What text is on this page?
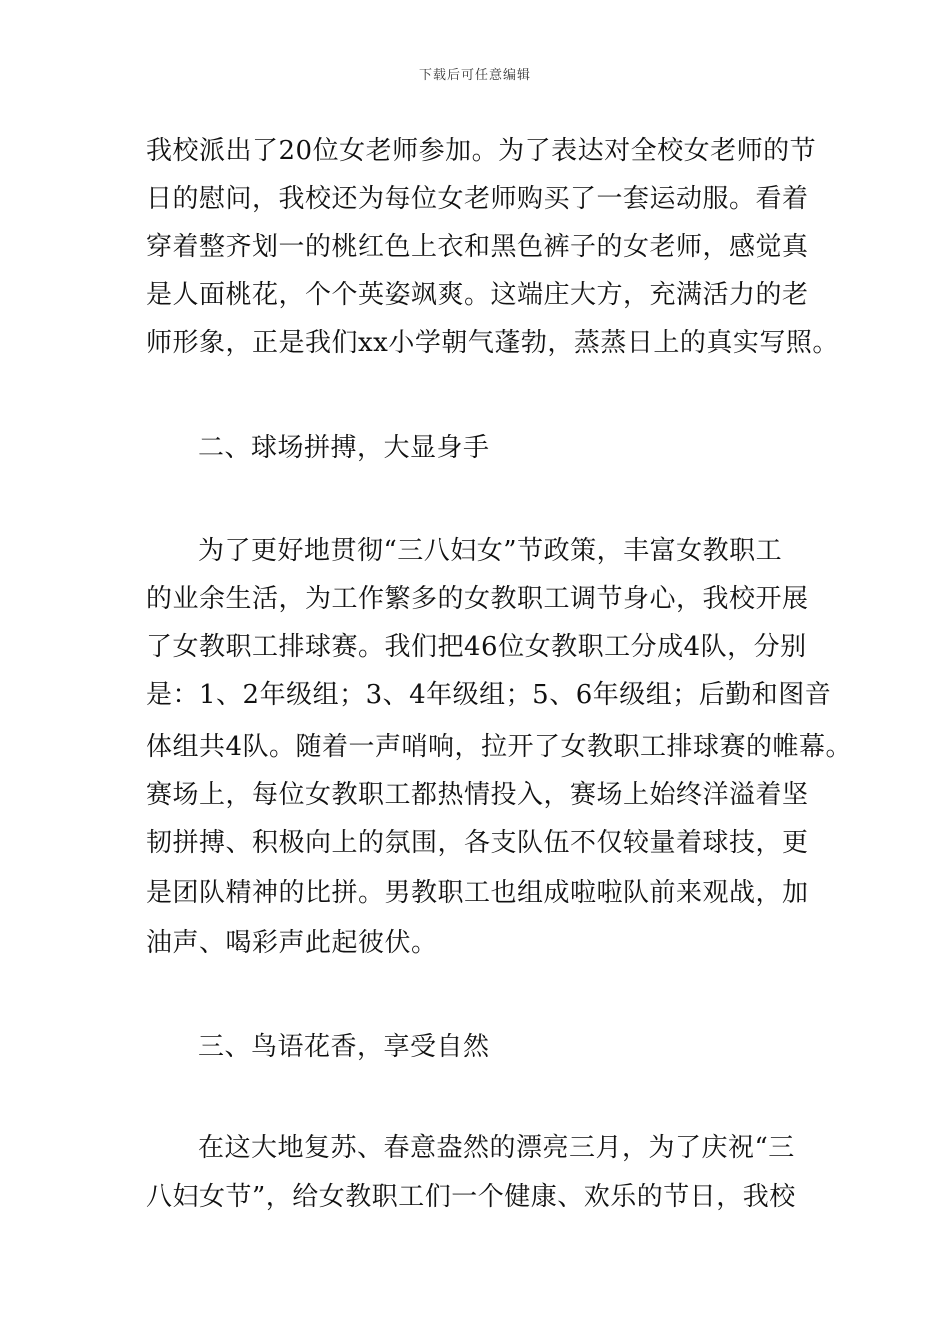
下载后可任意编辑
我校派出了20位女老师参加。为了表达对全校女老师的节
日的慰问，我校还为每位女老师购买了一套运动服。看着
穿着整齐划一的桃红色上衣和黑色裤子的女老师，感觉真
是人面桃花，个个英姿飒爽。这端庄大方，充满活力的老
师形象，正是我们xx小学朝气蓬勃，蒸蒸日上的真实写照。
二、球场拼搏，大显身手
为了更好地贯彻“三八妇女”节政策，丰富女教职工
的业余生活，为工作繁多的女教职工调节身心，我校开展
了女教职工排球赛。我们把46位女教职工分成4队，分别
是：1、2年级组；3、4年级组；5、6年级组；后勤和图音
体组共4队。随着一声哨响，拉开了女教职工排球赛的帷幕。
赛场上，每位女教职工都热情投入，赛场上始终洋溢着坚
韧拼搏、积极向上的氛围，各支队伍不仅较量着球技，更
是团队精神的比拼。男教职工也组成啦啦队前来观战，加
油声、喝彩声此起彼伏。
三、鸟语花香，享受自然
在这大地复苏、春意盎然的漂亮三月，为了庆祝“三
八妇女节”，给女教职工们一个健康、欢乐的节日，我校
